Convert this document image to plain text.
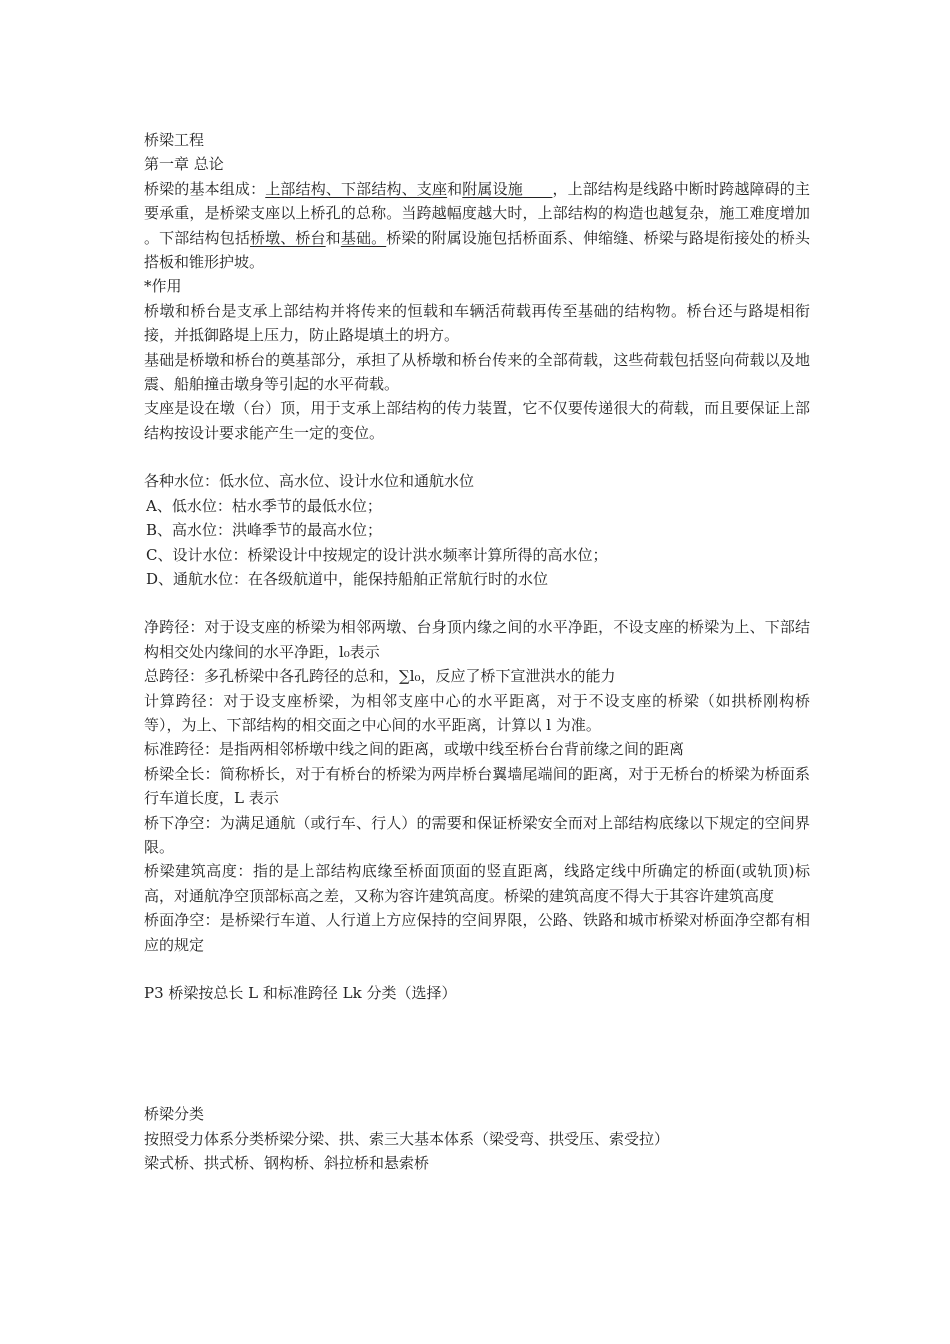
桥梁工程

第一章 总论

桥梁的基本组成：上部结构、下部结构、支座和附属设施      ，上部结构是线路中断时跨越障碍的主要承重，是桥梁支座以上桥孔的总称。当跨越幅度越大时，上部结构的构造也越复杂，施工难度增加 。下部结构包括桥墩、桥台和基础。桥梁的附属设施包括桥面系、伸缩缝、桥梁与路堤衔接处的桥头搭板和锥形护坡。

*作用

桥墩和桥台是支承上部结构并将传来的恒载和车辆活荷载再传至基础的结构物。桥台还与路堤相衔接，并抵御路堤上压力，防止路堤填土的坍方。

基础是桥墩和桥台的奠基部分，承担了从桥墩和桥台传来的全部荷载，这些荷载包括竖向荷载以及地震、船舶撞击墩身等引起的水平荷载。

支座是设在墩（台）顶，用于支承上部结构的传力装置，它不仅要传递很大的荷载，而且要保证上部结构按设计要求能产生一定的变位。

各种水位：低水位、高水位、设计水位和通航水位

A、低水位：枯水季节的最低水位；

B、高水位：洪峰季节的最高水位；

C、设计水位：桥梁设计中按规定的设计洪水频率计算所得的高水位；

D、通航水位：在各级航道中，能保持船舶正常航行时的水位

净跨径：对于设支座的桥梁为相邻两墩、台身顶内缘之间的水平净距，不设支座的桥梁为上、下部结构相交处内缘间的水平净距，l₀表示

总跨径：多孔桥梁中各孔跨径的总和，∑l₀，反应了桥下宣泄洪水的能力

计算跨径：对于设支座桥梁，为相邻支座中心的水平距离，对于不设支座的桥梁（如拱桥刚构桥等），为上、下部结构的相交面之中心间的水平距离，计算以 l 为准。

标准跨径：是指两相邻桥墩中线之间的距离，或墩中线至桥台台背前缘之间的距离

桥梁全长：简称桥长，对于有桥台的桥梁为两岸桥台翼墙尾端间的距离，对于无桥台的桥梁为桥面系行车道长度，L 表示

桥下净空：为满足通航（或行车、行人）的需要和保证桥梁安全而对上部结构底缘以下规定的空间界限。

桥梁建筑高度：指的是上部结构底缘至桥面顶面的竖直距离，线路定线中所确定的桥面(或轨顶)标高，对通航净空顶部标高之差，又称为容许建筑高度。桥梁的建筑高度不得大于其容许建筑高度

桥面净空：是桥梁行车道、人行道上方应保持的空间界限，公路、铁路和城市桥梁对桥面净空都有相应的规定

P3 桥梁按总长 L 和标准跨径 Lk 分类（选择）

桥梁分类

按照受力体系分类桥梁分梁、拱、索三大基本体系（梁受弯、拱受压、索受拉）

梁式桥、拱式桥、钢构桥、斜拉桥和悬索桥
